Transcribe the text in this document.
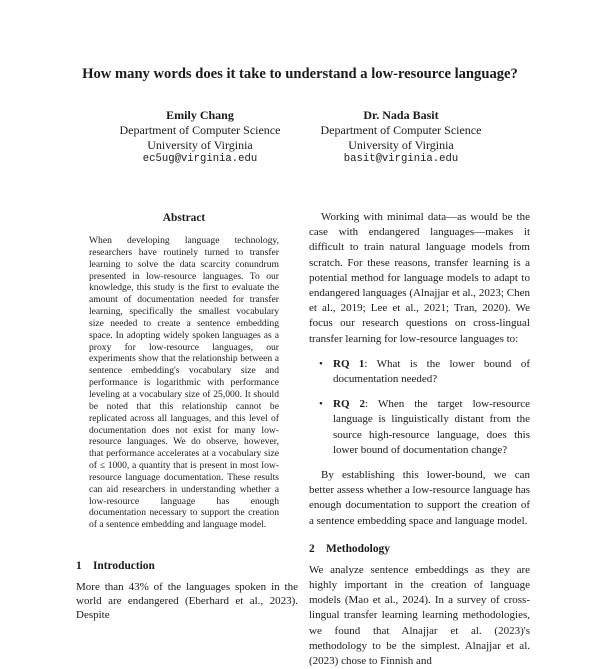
How many words does it take to understand a low-resource language?
Emily Chang
Department of Computer Science
University of Virginia
ec5ug@virginia.edu
Dr. Nada Basit
Department of Computer Science
University of Virginia
basit@virginia.edu
Abstract

When developing language technology, researchers have routinely turned to transfer learning to solve the data scarcity conundrum presented in low-resource languages. To our knowledge, this study is the first to evaluate the amount of documentation needed for transfer learning, specifically the smallest vocabulary size needed to create a sentence embedding space. In adopting widely spoken languages as a proxy for low-resource languages, our experiments show that the relationship between a sentence embedding's vocabulary size and performance is logarithmic with performance leveling at a vocabulary size of 25,000. It should be noted that this relationship cannot be replicated across all languages, and this level of documentation does not exist for many low-resource languages. We do observe, however, that performance accelerates at a vocabulary size of ≤ 1000, a quantity that is present in most low-resource language documentation. These results can aid researchers in understanding whether a low-resource language has enough documentation necessary to support the creation of a sentence embedding and language model.

1 Introduction

More than 43% of the languages spoken in the world are endangered (Eberhard et al., 2023). Despite

Working with minimal data—as would be the case with endangered languages—makes it difficult to train natural language models from scratch. For these reasons, transfer learning is a potential method for language models to adapt to endangered languages (Alnajjar et al., 2023; Chen et al., 2019; Lee et al., 2021; Tran, 2020). We focus our research questions on cross-lingual transfer learning for low-resource languages to:

• RQ 1: What is the lower bound of documentation needed?
• RQ 2: When the target low-resource language is linguistically distant from the source high-resource language, does this lower bound of documentation change?

By establishing this lower-bound, we can better assess whether a low-resource language has enough documentation to support the creation of a sentence embedding space and language model.

2 Methodology

We analyze sentence embeddings as they are highly important in the creation of language models (Mao et al., 2024). In a survey of cross-lingual transfer learning learning methodologies, we found that Alnajjar et al. (2023)'s methodology to be the simplest. Alnajjar et al. (2023) chose to Finnish and
